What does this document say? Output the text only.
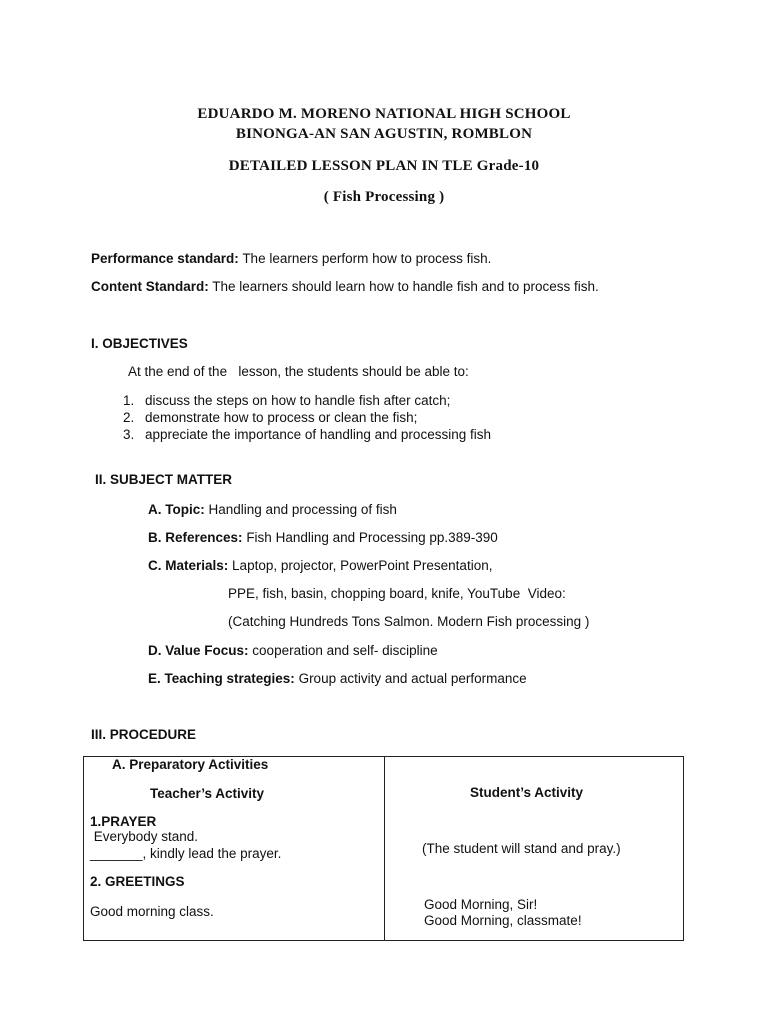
EDUARDO M. MORENO NATIONAL HIGH SCHOOL
BINONGA-AN SAN AGUSTIN, ROMBLON
DETAILED LESSON PLAN IN TLE Grade-10
( Fish Processing )
Performance standard: The learners perform how to process fish.
Content Standard: The learners should learn how to handle fish and to process fish.
I. OBJECTIVES
At the end of the   lesson, the students should be able to:
1. discuss the steps on how to handle fish after catch;
2. demonstrate how to process or clean the fish;
3. appreciate the importance of handling and processing fish
II. SUBJECT MATTER
A. Topic: Handling and processing of fish
B. References: Fish Handling and Processing pp.389-390
C. Materials: Laptop, projector, PowerPoint Presentation,
PPE, fish, basin, chopping board, knife, YouTube  Video:
(Catching Hundreds Tons Salmon. Modern Fish processing )
D. Value Focus: cooperation and self- discipline
E. Teaching strategies: Group activity and actual performance
III. PROCEDURE
A. Preparatory Activities
Teacher’s Activity	Student’s Activity
1.PRAYER
Everybody stand.
_______, kindly lead the prayer.	(The student will stand and pray.)
2. GREETINGS
Good morning class.	Good Morning, Sir!
Good Morning, classmate!
